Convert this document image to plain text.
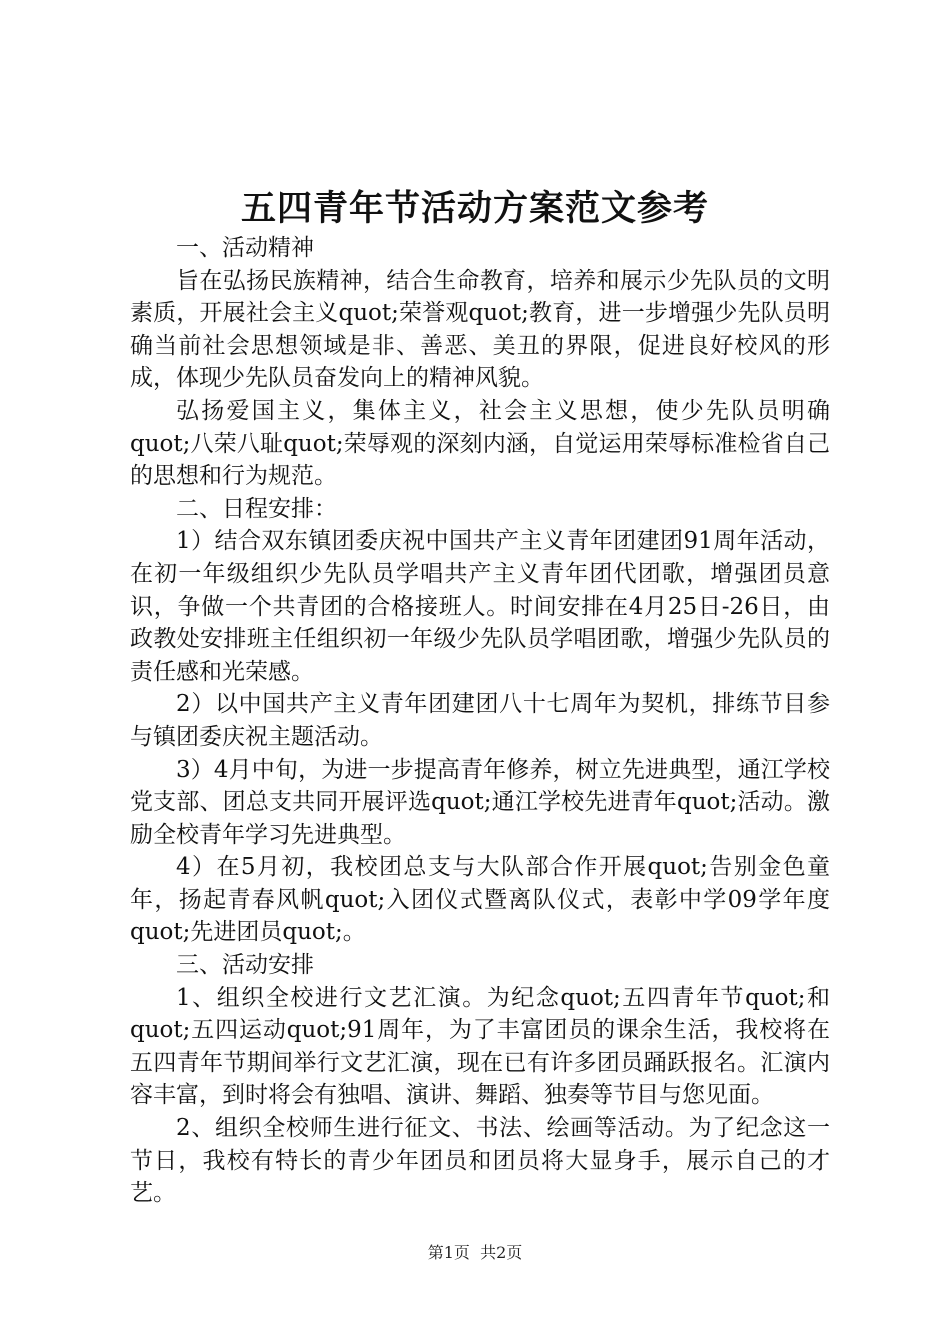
五四青年节活动方案范文参考

一、活动精神

旨在弘扬民族精神，结合生命教育，培养和展示少先队员的文明素质，开展社会主义quot;荣誉观quot;教育，进一步增强少先队员明确当前社会思想领域是非、善恶、美丑的界限，促进良好校风的形成，体现少先队员奋发向上的精神风貌。

弘扬爱国主义，集体主义，社会主义思想，使少先队员明确quot;八荣八耻quot;荣辱观的深刻内涵，自觉运用荣辱标准检省自己的思想和行为规范。

二、日程安排：

1）结合双东镇团委庆祝中国共产主义青年团建团91周年活动，在初一年级组织少先队员学唱共产主义青年团代团歌，增强团员意识，争做一个共青团的合格接班人。时间安排在4月25日-26日，由政教处安排班主任组织初一年级少先队员学唱团歌，增强少先队员的责任感和光荣感。

2）以中国共产主义青年团建团八十七周年为契机，排练节目参与镇团委庆祝主题活动。

3）4月中旬，为进一步提高青年修养，树立先进典型，通江学校党支部、团总支共同开展评选quot;通江学校先进青年quot;活动。激励全校青年学习先进典型。

4）在5月初，我校团总支与大队部合作开展quot;告别金色童年，扬起青春风帆quot;入团仪式暨离队仪式，表彰中学09学年度quot;先进团员quot;。

三、活动安排

1、组织全校进行文艺汇演。为纪念quot;五四青年节quot;和quot;五四运动quot;91周年，为了丰富团员的课余生活，我校将在五四青年节期间举行文艺汇演，现在已有许多团员踊跃报名。汇演内容丰富，到时将会有独唱、演讲、舞蹈、独奏等节目与您见面。

2、组织全校师生进行征文、书法、绘画等活动。为了纪念这一节日，我校有特长的青少年团员和团员将大显身手，展示自己的才艺。

第1页  共2页
